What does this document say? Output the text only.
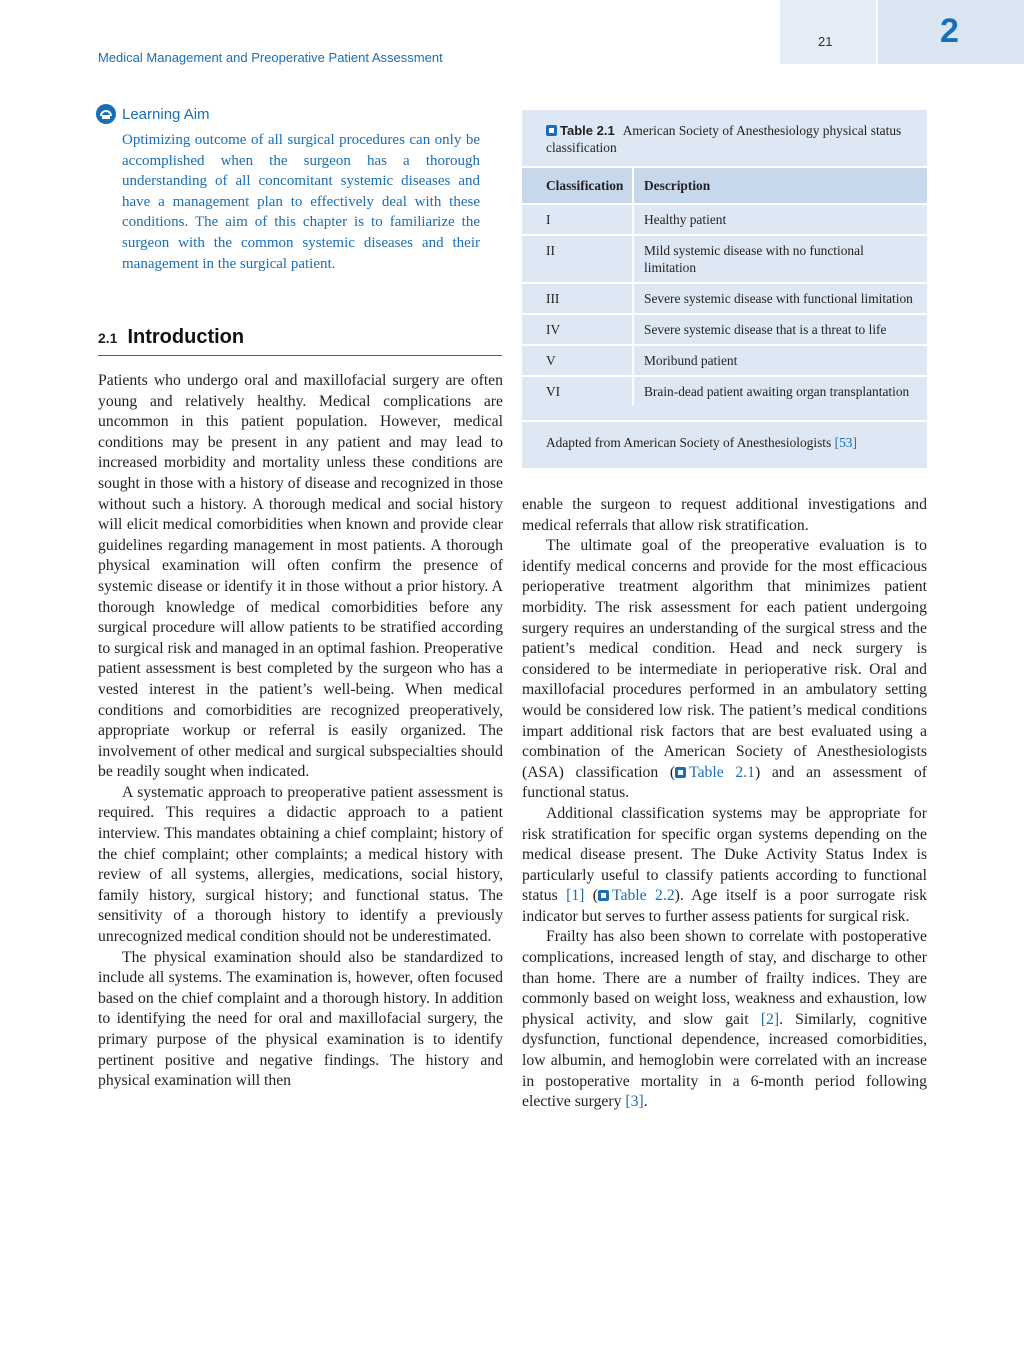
Medical Management and Preoperative Patient Assessment
21	2
Learning Aim
Optimizing outcome of all surgical procedures can only be accomplished when the surgeon has a thorough understanding of all concomitant systemic diseases and have a management plan to effectively deal with these conditions. The aim of this chapter is to familiarize the surgeon with the common systemic diseases and their management in the surgical patient.
2.1 Introduction

Patients who undergo oral and maxillofacial surgery are often young and relatively healthy. Medical complications are uncommon in this patient population. However, medical conditions may be present in any patient and may lead to increased morbidity and mortality unless these conditions are sought in those with a history of disease and recognized in those without such a history. A thorough medical and social history will elicit medical comorbidities when known and provide clear guidelines regarding management in most patients. A thorough physical examination will often confirm the presence of systemic disease or identify it in those without a prior history. A thorough knowledge of medical comorbidities before any surgical procedure will allow patients to be stratified according to surgical risk and managed in an optimal fashion. Preoperative patient assessment is best completed by the surgeon who has a vested interest in the patient’s well-being. When medical conditions and comorbidities are recognized preoperatively, appropriate workup or referral is easily organized. The involvement of other medical and surgical subspecialties should be readily sought when indicated.

A systematic approach to preoperative patient assessment is required. This requires a didactic approach to a patient interview. This mandates obtaining a chief complaint; history of the chief complaint; other complaints; a medical history with review of all systems, allergies, medications, social history, family history, surgical history; and functional status. The sensitivity of a thorough history to identify a previously unrecognized medical condition should not be underestimated.

The physical examination should also be standardized to include all systems. The examination is, however, often focused based on the chief complaint and a thorough history. In addition to identifying the need for oral and maxillofacial surgery, the primary purpose of the physical examination is to identify pertinent positive and negative findings. The history and physical examination will then

Table 2.1 American Society of Anesthesiology physical status classification
Classification	Description
I	Healthy patient
II	Mild systemic disease with no functional limitation
III	Severe systemic disease with functional limitation
IV	Severe systemic disease that is a threat to life
V	Moribund patient
VI	Brain-dead patient awaiting organ transplantation
Adapted from American Society of Anesthesiologists [53]

enable the surgeon to request additional investigations and medical referrals that allow risk stratification.

The ultimate goal of the preoperative evaluation is to identify medical concerns and provide for the most efficacious perioperative treatment algorithm that minimizes patient morbidity. The risk assessment for each patient undergoing surgery requires an understanding of the surgical stress and the patient’s medical condition. Head and neck surgery is considered to be intermediate in perioperative risk. Oral and maxillofacial procedures performed in an ambulatory setting would be considered low risk. The patient’s medical conditions impart additional risk factors that are best evaluated using a combination of the American Society of Anesthesiologists (ASA) classification ( Table 2.1) and an assessment of functional status.

Additional classification systems may be appropriate for risk stratification for specific organ systems depending on the medical disease present. The Duke Activity Status Index is particularly useful to classify patients according to functional status [1] ( Table 2.2). Age itself is a poor surrogate risk indicator but serves to further assess patients for surgical risk.

Frailty has also been shown to correlate with postoperative complications, increased length of stay, and discharge to other than home. There are a number of frailty indices. They are commonly based on weight loss, weakness and exhaustion, low physical activity, and slow gait [2]. Similarly, cognitive dysfunction, functional dependence, increased comorbidities, low albumin, and hemoglobin were correlated with an increase in postoperative mortality in a 6-month period following elective surgery [3].
